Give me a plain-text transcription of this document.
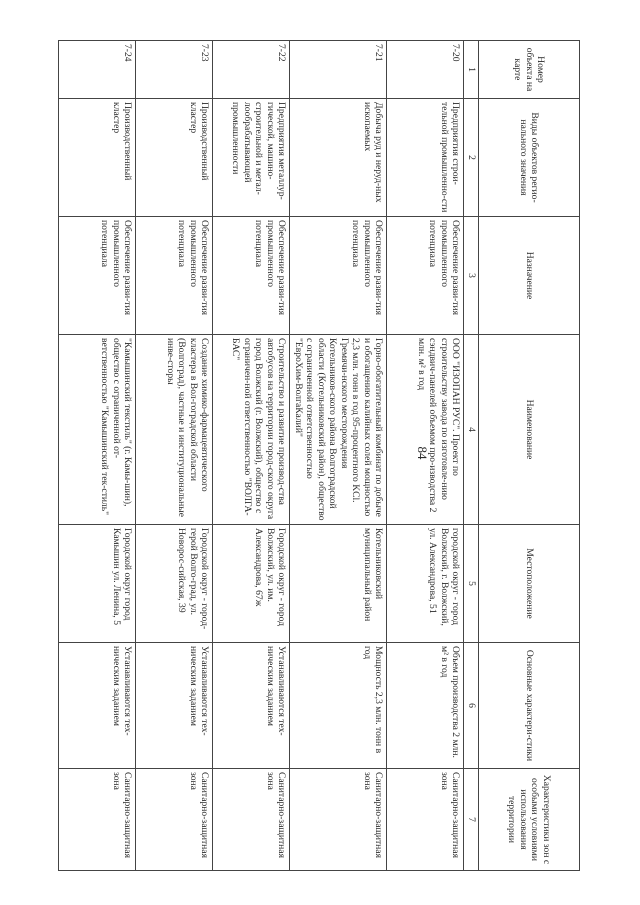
84
Номер объекта на карте	Виды объектов регио-нального значения	Назначение	Наименование	Местоположение	Основные характери-стики	Характеристики зон с особыми условиями использования территории
1	2	3	4	5	6	7
7-20	Предприятия строи-тельной промышленно-сти	Обеспечение разви-тия промышленного потенциала	ООО "ИЗОПАН РУС". Проект по строительству завода по изготовле-нию сэндвич-панелей объемом про-изводства 2 млн. м² в год	городской округ - город Волжский, г. Волжский, ул. Александрова, 51	Объем производства 2 млн. м² в год	Санитарно-защитная зона
7-21	Добыча руд и неруд-ных ископаемых	Обеспечение разви-тия промышленного потенциала	Горно-обогатительный комбинат по добыче и обогащению калийных солей мощностью 2,3 млн. тонн в год 95-процентного KCl. Гремячи-нского месторождения Котельников-ского района Волгоградской области (Котельниковский район), общество с ограниченной ответственностью "ЕвроХим-ВолгаКалий"	Котельниковский муниципальный район	Мощность 2,3 млн. тонн в год	Санитарно-защитная зона
7-22	Предприятия металлур-гической, машино-строительной и метал-лообрабатывающей промышленности	Обеспечение разви-тия промышленного потенциала	Строительство и развитие производ-ства автобусов на территории город-ского округа город Волжский (г. Волжский), общество с ограничен-ной ответственностью "ВОЛГА-БАС"	Городской округ - город Волжский, ул. им. Александрова, 67ж	Устанавливаются тех-ническим заданием	Санитарно-защитная зона
7-23	Производственный кластер	Обеспечение разви-тия промышленного потенциала	Создание химико-фармацевтического кластера в Вол-гоградской области (Волгоград), частные и институциональные инве-сторы	Городской округ - город-герой Волго-град, ул. Новорос-сийская, 39	Устанавливаются тех-ническим заданием	Санитарно-защитная зона
7-24	Производственный кластер	Обеспечение разви-тия промышленного потенциала	"Камышинский текстиль" (г. Камы-шин), общество с ограниченной от-ветственностью "Камышинский тек-стиль"	Городской округ город Камышин ул. Ленина, 5	Устанавливаются тех-ническим заданием	Санитарно-защитная зона
